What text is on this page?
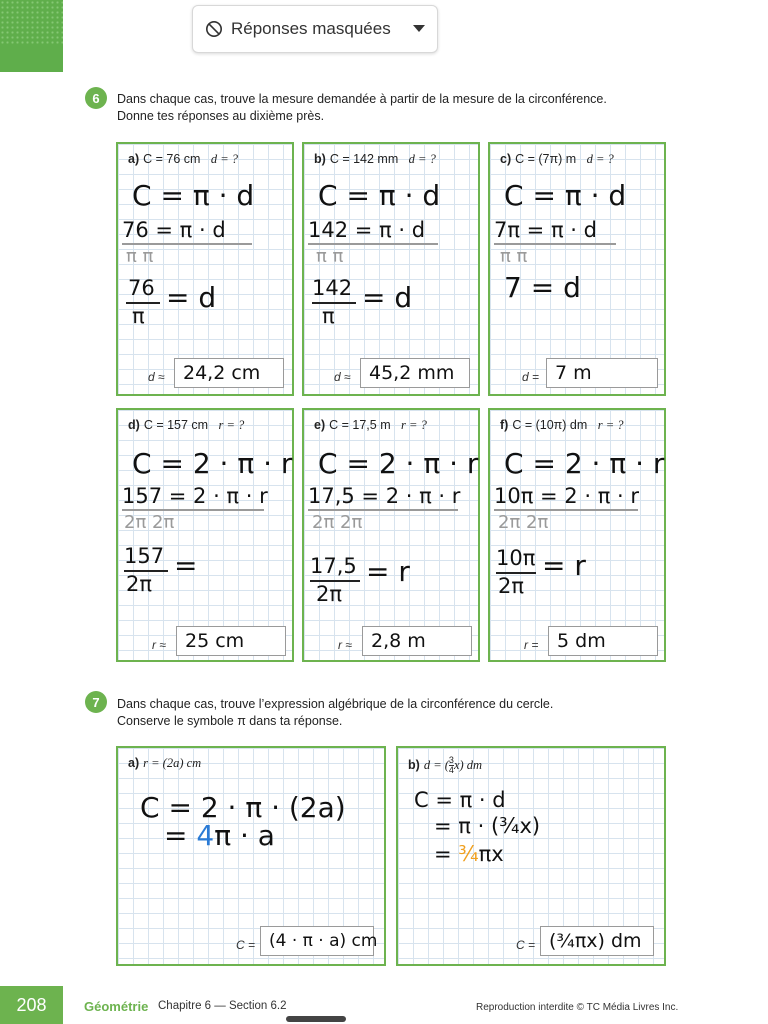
Réponses masquées
6	Dans chaque cas, trouve la mesure demandée à partir de la mesure de la circonférence.
Donne tes réponses au dixième près.
a) C = 76 cm d = ?
C = π · d
76 = π · d
π π
76
π
= d
d ≈ 24,2 cm
b) C = 142 mm d = ?
C = π · d
142 = π · d
π π
142
π
= d
d ≈ 45,2 mm
c) C = (7π) m d = ?
C = π · d
7π = π · d
π π
7 = d
d = 7 m
d) C = 157 cm r = ?
C = 2 · π · r
157 = 2 · π · r
2π 2π
157
2π
=
r ≈ 25 cm
e) C = 17,5 m r = ?
C = 2 · π · r
17,5 = 2 · π · r
2π 2π
17,5
2π
= r
r ≈ 2,8 m
f) C = (10π) dm r = ?
C = 2 · π · r
10π = 2 · π · r
2π 2π
10π
2π
= r
r = 5 dm
7	Dans chaque cas, trouve l’expression algébrique de la circonférence du cercle.
Conserve le symbole π dans ta réponse.
a) r = (2a) cm
C = 2 · π · (2a)
= 4π · a
C = (4 · π · a) cm
b) d = ( $\frac{3}{4} x$) dm
C = π · d
= π · (¾x)
= ¾πx
C = (¾πx) dm
208	Géométrie Chapitre 6 — Section 6.2	Reproduction interdite © TC Média Livres Inc.
